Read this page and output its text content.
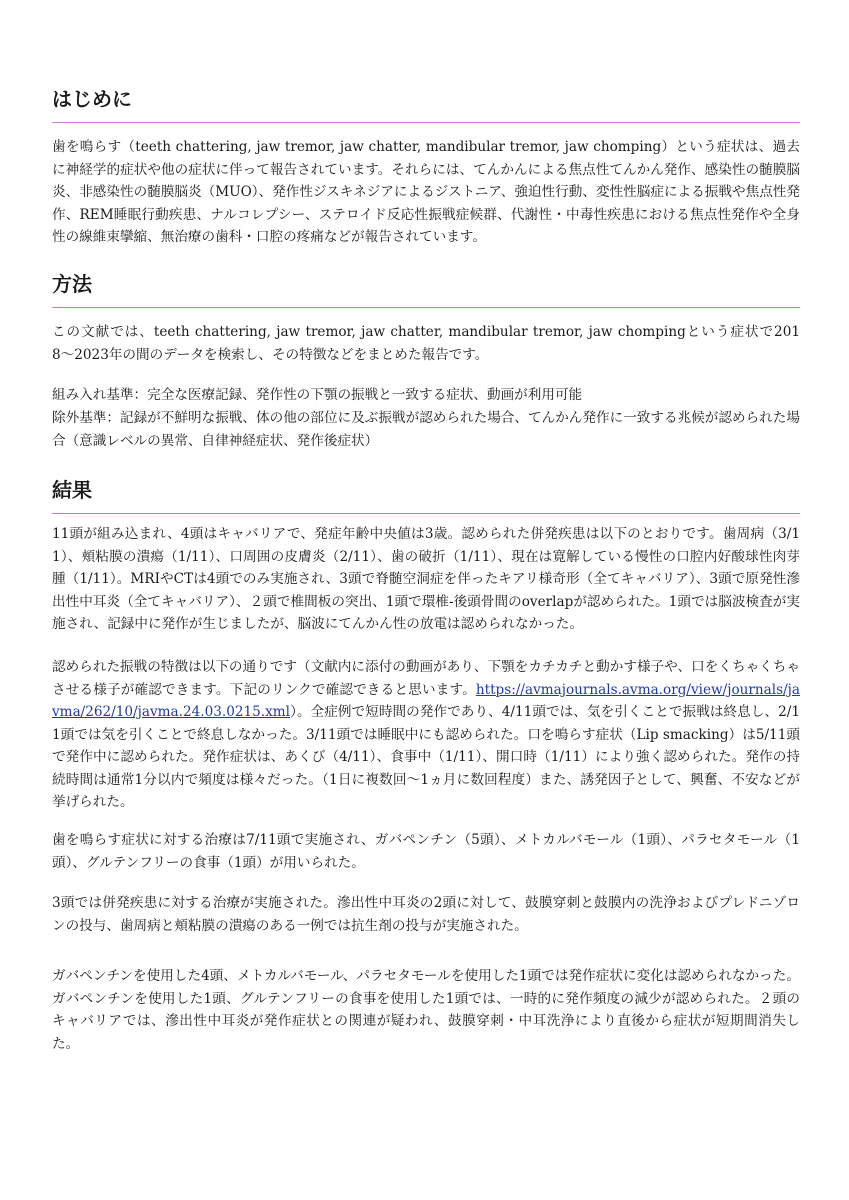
はじめに

歯を鳴らす（teeth chattering, jaw tremor, jaw chatter, mandibular tremor, jaw chomping）という症状は、過去に神経学的症状や他の症状に伴って報告されています。それらには、てんかんによる焦点性てんかん発作、感染性の髄膜脳炎、非感染性の髄膜脳炎（MUO）、発作性ジスキネジアによるジストニア、強迫性行動、変性性脳症による振戦や焦点性発作、REM睡眠行動疾患、ナルコレプシー、ステロイド反応性振戦症候群、代謝性・中毒性疾患における焦点性発作や全身性の線維束攣縮、無治療の歯科・口腔の疼痛などが報告されています。

方法

この文献では、teeth chattering, jaw tremor, jaw chatter, mandibular tremor, jaw chompingという症状で2018〜2023年の間のデータを検索し、その特徴などをまとめた報告です。

組み入れ基準：完全な医療記録、発作性の下顎の振戦と一致する症状、動画が利用可能

除外基準：記録が不鮮明な振戦、体の他の部位に及ぶ振戦が認められた場合、てんかん発作に一致する兆候が認められた場合（意識レベルの異常、自律神経症状、発作後症状）

結果

11頭が組み込まれ、4頭はキャバリアで、発症年齢中央値は3歳。認められた併発疾患は以下のとおりです。歯周病（3/11）、頬粘膜の潰瘍（1/11）、口周囲の皮膚炎（2/11）、歯の破折（1/11）、現在は寛解している慢性の口腔内好酸球性肉芽腫（1/11）。MRIやCTは4頭でのみ実施され、3頭で脊髄空洞症を伴ったキアリ様奇形（全てキャバリア）、3頭で原発性滲出性中耳炎（全てキャバリア）、２頭で椎間板の突出、1頭で環椎-後頭骨間のoverlapが認められた。1頭では脳波検査が実施され、記録中に発作が生じましたが、脳波にてんかん性の放電は認められなかった。

認められた振戦の特徴は以下の通りです（文献内に添付の動画があり、下顎をカチカチと動かす様子や、口をくちゃくちゃさせる様子が確認できます。下記のリンクで確認できると思います。https://avmajournals.avma.org/view/journals/javma/262/10/javma.24.03.0215.xml）。全症例で短時間の発作であり、4/11頭では、気を引くことで振戦は終息し、2/11頭では気を引くことで終息しなかった。3/11頭では睡眠中にも認められた。口を鳴らす症状（Lip smacking）は5/11頭で発作中に認められた。発作症状は、あくび（4/11）、食事中（1/11）、開口時（1/11）により強く認められた。発作の持続時間は通常1分以内で頻度は様々だった。（1日に複数回〜1ヵ月に数回程度）また、誘発因子として、興奮、不安などが挙げられた。

歯を鳴らす症状に対する治療は7/11頭で実施され、ガバペンチン（5頭）、メトカルバモール（1頭）、パラセタモール（1頭）、グルテンフリーの食事（1頭）が用いられた。

3頭では併発疾患に対する治療が実施された。滲出性中耳炎の2頭に対して、鼓膜穿刺と鼓膜内の洗浄およびプレドニゾロンの投与、歯周病と頬粘膜の潰瘍のある一例では抗生剤の投与が実施された。

ガバペンチンを使用した4頭、メトカルバモール、パラセタモールを使用した1頭では発作症状に変化は認められなかった。ガバペンチンを使用した1頭、グルテンフリーの食事を使用した1頭では、一時的に発作頻度の減少が認められた。２頭のキャバリアでは、滲出性中耳炎が発作症状との関連が疑われ、鼓膜穿刺・中耳洗浄により直後から症状が短期間消失した。
